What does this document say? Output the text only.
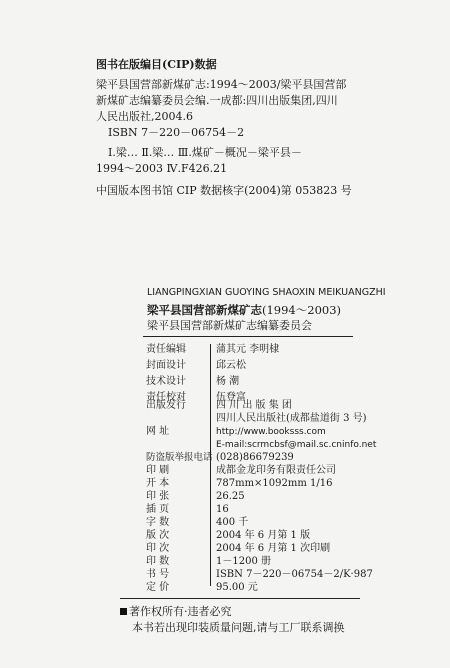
图书在版编目(CIP)数据
梁平县国营部新煤矿志:1994～2003/梁平县国营部
新煤矿志编纂委员会编.一成都:四川出版集团,四川
人民出版社,2004.6
ISBN 7－220－06754－2
Ⅰ.梁… Ⅱ.梁… Ⅲ.煤矿－概况－梁平县－
1994～2003 Ⅳ.F426.21
中国版本图书馆 CIP 数据核字(2004)第 053823 号
LIANGPINGXIAN GUOYING SHAOXIN MEIKUANGZHI
梁平县国营部新煤矿志(1994～2003)
梁平县国营部新煤矿志编纂委员会
责任编辑	蒲其元 李明棣
封面设计	邱云松
技术设计	杨 潮
责任校对	伍登富
出版发行	四 川 出 版 集 团
四川人民出版社(成都盐道街 3 号)
网 址	http://www.booksss.com
E-mail:scrmcbsf@mail.sc.cninfo.net
防盗版举报电话 (028)86679239
印 刷	成都金龙印务有限责任公司
开 本	787mm×1092mm 1/16
印 张	26.25
插 页	16
字 数	400 千
版 次	2004 年 6 月第 1 版
印 次	2004 年 6 月第 1 次印刷
印 数	1－1200 册
书 号	ISBN 7－220－06754－2/K·987
定 价	95.00 元
著作权所有·违者必究
本书若出现印装质量问题,请与工厂联系调换
